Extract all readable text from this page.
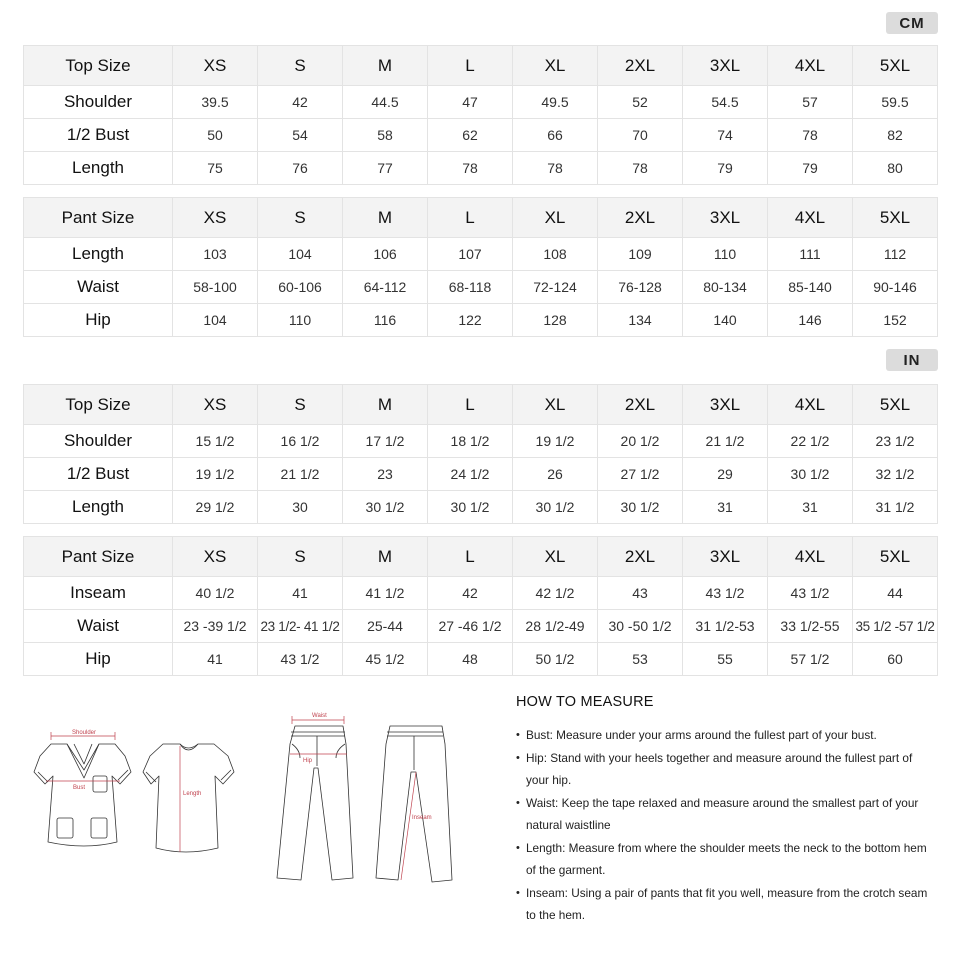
CM
IN
Top Size	XS	S	M	L	XL	2XL	3XL	4XL	5XL
Shoulder	39.5	42	44.5	47	49.5	52	54.5	57	59.5
1/2 Bust	50	54	58	62	66	70	74	78	82
Length	75	76	77	78	78	78	79	79	80
Pant Size	XS	S	M	L	XL	2XL	3XL	4XL	5XL
Length	103	104	106	107	108	109	110	111	112
Waist	58-100	60-106	64-112	68-118	72-124	76-128	80-134	85-140	90-146
Hip	104	110	116	122	128	134	140	146	152
Top Size	XS	S	M	L	XL	2XL	3XL	4XL	5XL
Shoulder	15 1/2	16 1/2	17 1/2	18 1/2	19 1/2	20 1/2	21 1/2	22 1/2	23 1/2
1/2 Bust	19 1/2	21 1/2	23	24 1/2	26	27 1/2	29	30 1/2	32 1/2
Length	29 1/2	30	30 1/2	30 1/2	30 1/2	30 1/2	31	31	31 1/2
Pant Size	XS	S	M	L	XL	2XL	3XL	4XL	5XL
Inseam	40 1/2	41	41 1/2	42	42 1/2	43	43 1/2	43 1/2	44
Waist	23 -39 1/2	23 1/2- 41 1/2	25-44	27 -46 1/2	28 1/2-49	30 -50 1/2	31 1/2-53	33 1/2-55	35 1/2 -57 1/2
Hip	41	43 1/2	45 1/2	48	50 1/2	53	55	57 1/2	60
Shoulder
Bust
Length
Waist
Hip
Inseam
HOW TO MEASURE
• Bust: Measure under your arms around the fullest part of your bust.
• Hip: Stand with your heels together and measure around the fullest part of your hip.
• Waist: Keep the tape relaxed and measure around the smallest part of your natural waistline
• Length: Measure from where the shoulder meets the neck to the bottom hem of the garment.
• Inseam: Using a pair of pants that fit you well, measure from the crotch seam to the hem.
